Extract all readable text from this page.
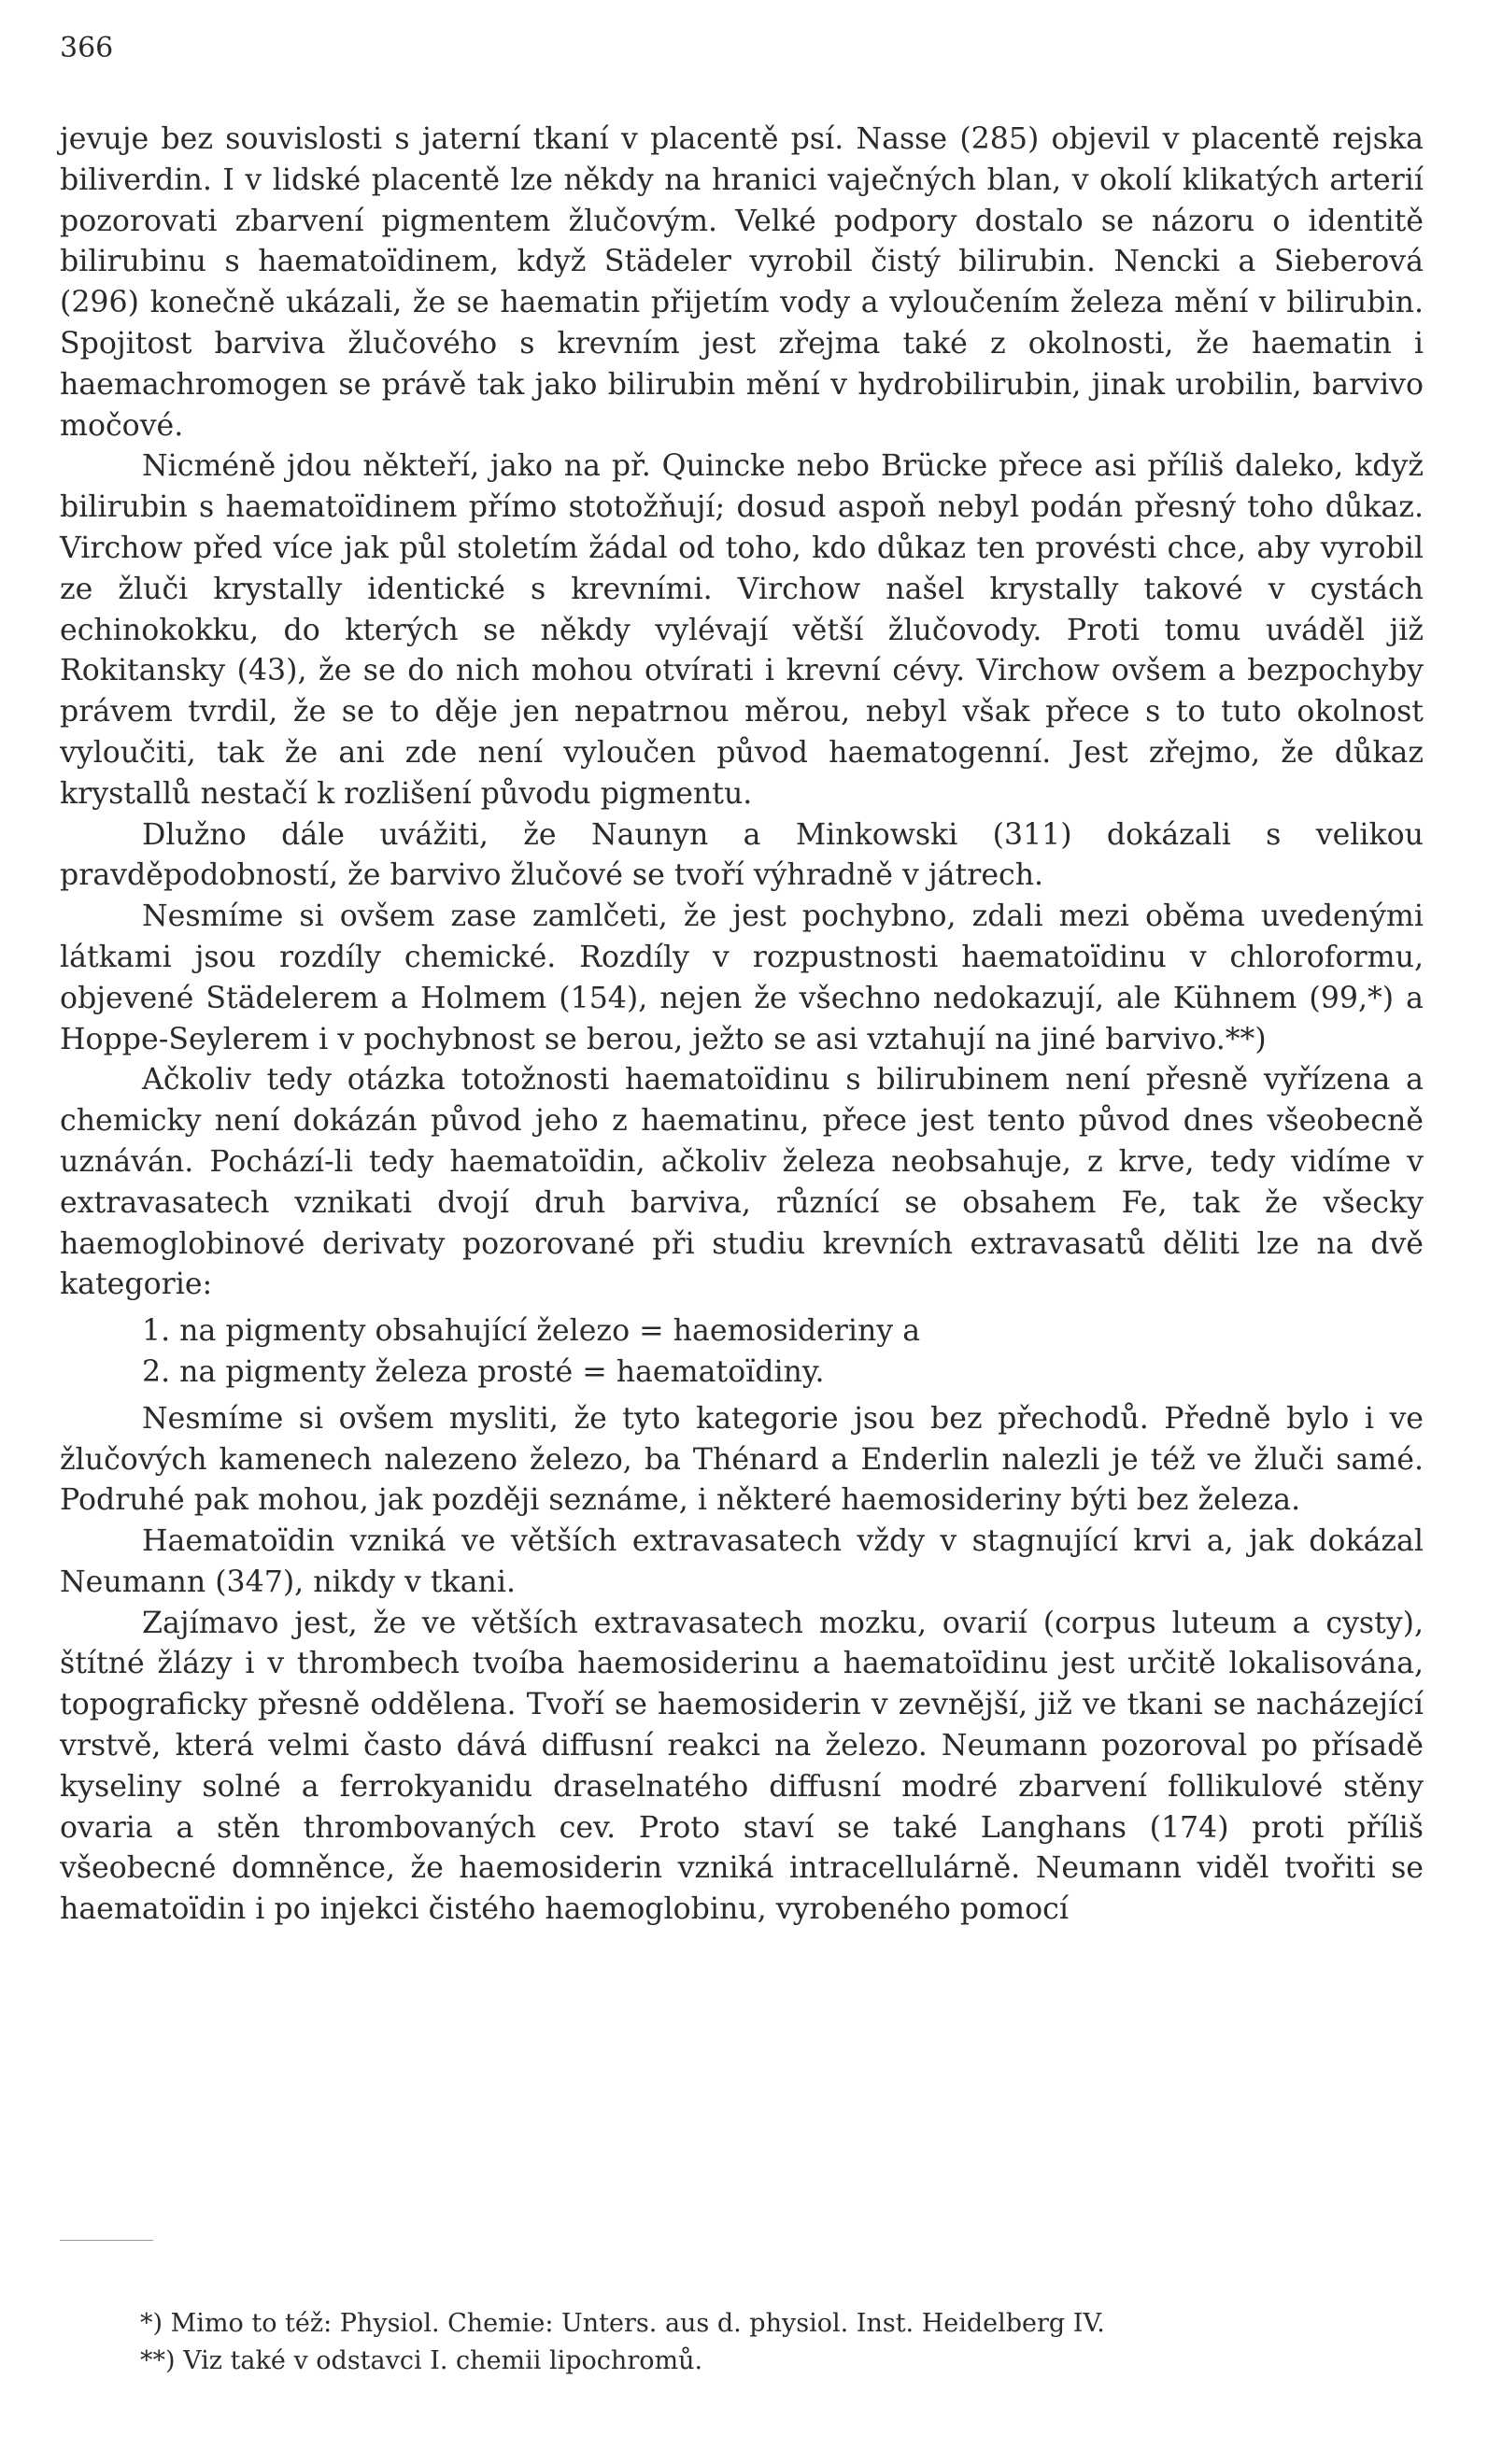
366

jevuje bez souvislosti s jaterní tkaní v placentě psí. Nasse (285) objevil v placentě rejska biliverdin. I v lidské placentě lze někdy na hranici vaječných blan, v okolí klikatých arterií pozorovati zbarvení pigmentem žlučovým. Velké podpory dostalo se názoru o identitě bilirubinu s haematoïdinem, když Städeler vyrobil čistý bilirubin. Nencki a Sieberová (296) konečně ukázali, že se haematin přijetím vody a vyloučením železa mění v bilirubin. Spojitost barviva žlučového s krevním jest zřejma také z okolnosti, že haematin i haemachromogen se právě tak jako bilirubin mění v hydrobilirubin, jinak urobilin, barvivo močové.

Nicméně jdou někteří, jako na př. Quincke nebo Brücke přece asi příliš daleko, když bilirubin s haematoïdinem přímo stotožňují; dosud aspoň nebyl podán přesný toho důkaz. Virchow před více jak půl stoletím žádal od toho, kdo důkaz ten provésti chce, aby vyrobil ze žluči krystally identické s krevními. Virchow našel krystally takové v cystách echinokokku, do kterých se někdy vylévají větší žlučovody. Proti tomu uváděl již Rokitansky (43), že se do nich mohou otvírati i krevní cévy. Virchow ovšem a bezpochyby právem tvrdil, že se to děje jen nepatrnou měrou, nebyl však přece s to tuto okolnost vyloučiti, tak že ani zde není vyloučen původ haematogenní. Jest zřejmo, že důkaz krystallů nestačí k rozlišení původu pigmentu.

Dlužno dále uvážiti, že Naunyn a Minkowski (311) dokázali s velikou pravděpodobností, že barvivo žlučové se tvoří výhradně v játrech.

Nesmíme si ovšem zase zamlčeti, že jest pochybno, zdali mezi oběma uvedenými látkami jsou rozdíly chemické. Rozdíly v rozpustnosti haematoïdinu v chloroformu, objevené Städelerem a Holmem (154), nejen že všechno nedokazují, ale Kühnem (99,*) a Hoppe-Seylerem i v pochybnost se berou, ježto se asi vztahují na jiné barvivo.**)

Ačkoliv tedy otázka totožnosti haematoïdinu s bilirubinem není přesně vyřízena a chemicky není dokázán původ jeho z haematinu, přece jest tento původ dnes všeobecně uznáván. Pochází-li tedy haematoïdin, ačkoliv železa neobsahuje, z krve, tedy vidíme v extravasatech vznikati dvojí druh barviva, různící se obsahem Fe, tak že všecky haemoglobinové derivaty pozorované při studiu krevních extravasatů děliti lze na dvě kategorie:

1. na pigmenty obsahující železo = haemosideriny a
2. na pigmenty železa prosté = haematoïdiny.

Nesmíme si ovšem mysliti, že tyto kategorie jsou bez přechodů. Předně bylo i ve žlučových kamenech nalezeno železo, ba Thénard a Enderlin nalezli je též ve žluči samé. Podruhé pak mohou, jak později seznáme, i některé haemosideriny býti bez železa.

Haematoïdin vzniká ve větších extravasatech vždy v stagnující krvi a, jak dokázal Neumann (347), nikdy v tkani.

Zajímavo jest, že ve větších extravasatech mozku, ovarií (corpus luteum a cysty), štítné žlázy i v thrombech tvoíba haemosiderinu a haematoïdinu jest určitě lokalisována, topograficky přesně oddělena. Tvoří se haemosiderin v zevnější, již ve tkani se nacházející vrstvě, která velmi často dává diffusní reakci na železo. Neumann pozoroval po přísadě kyseliny solné a ferrokyanidu draselnatého diffusní modré zbarvení follikulové stěny ovaria a stěn thrombovaných cev. Proto staví se také Langhans (174) proti příliš všeobecné domněnce, že haemosiderin vzniká intracellulárně. Neumann viděl tvořiti se haematoïdin i po injekci čistého haemoglobinu, vyrobeného pomocí

*) Mimo to též: Physiol. Chemie: Unters. aus d. physiol. Inst. Heidelberg IV.
**) Viz také v odstavci I. chemii lipochromů.
